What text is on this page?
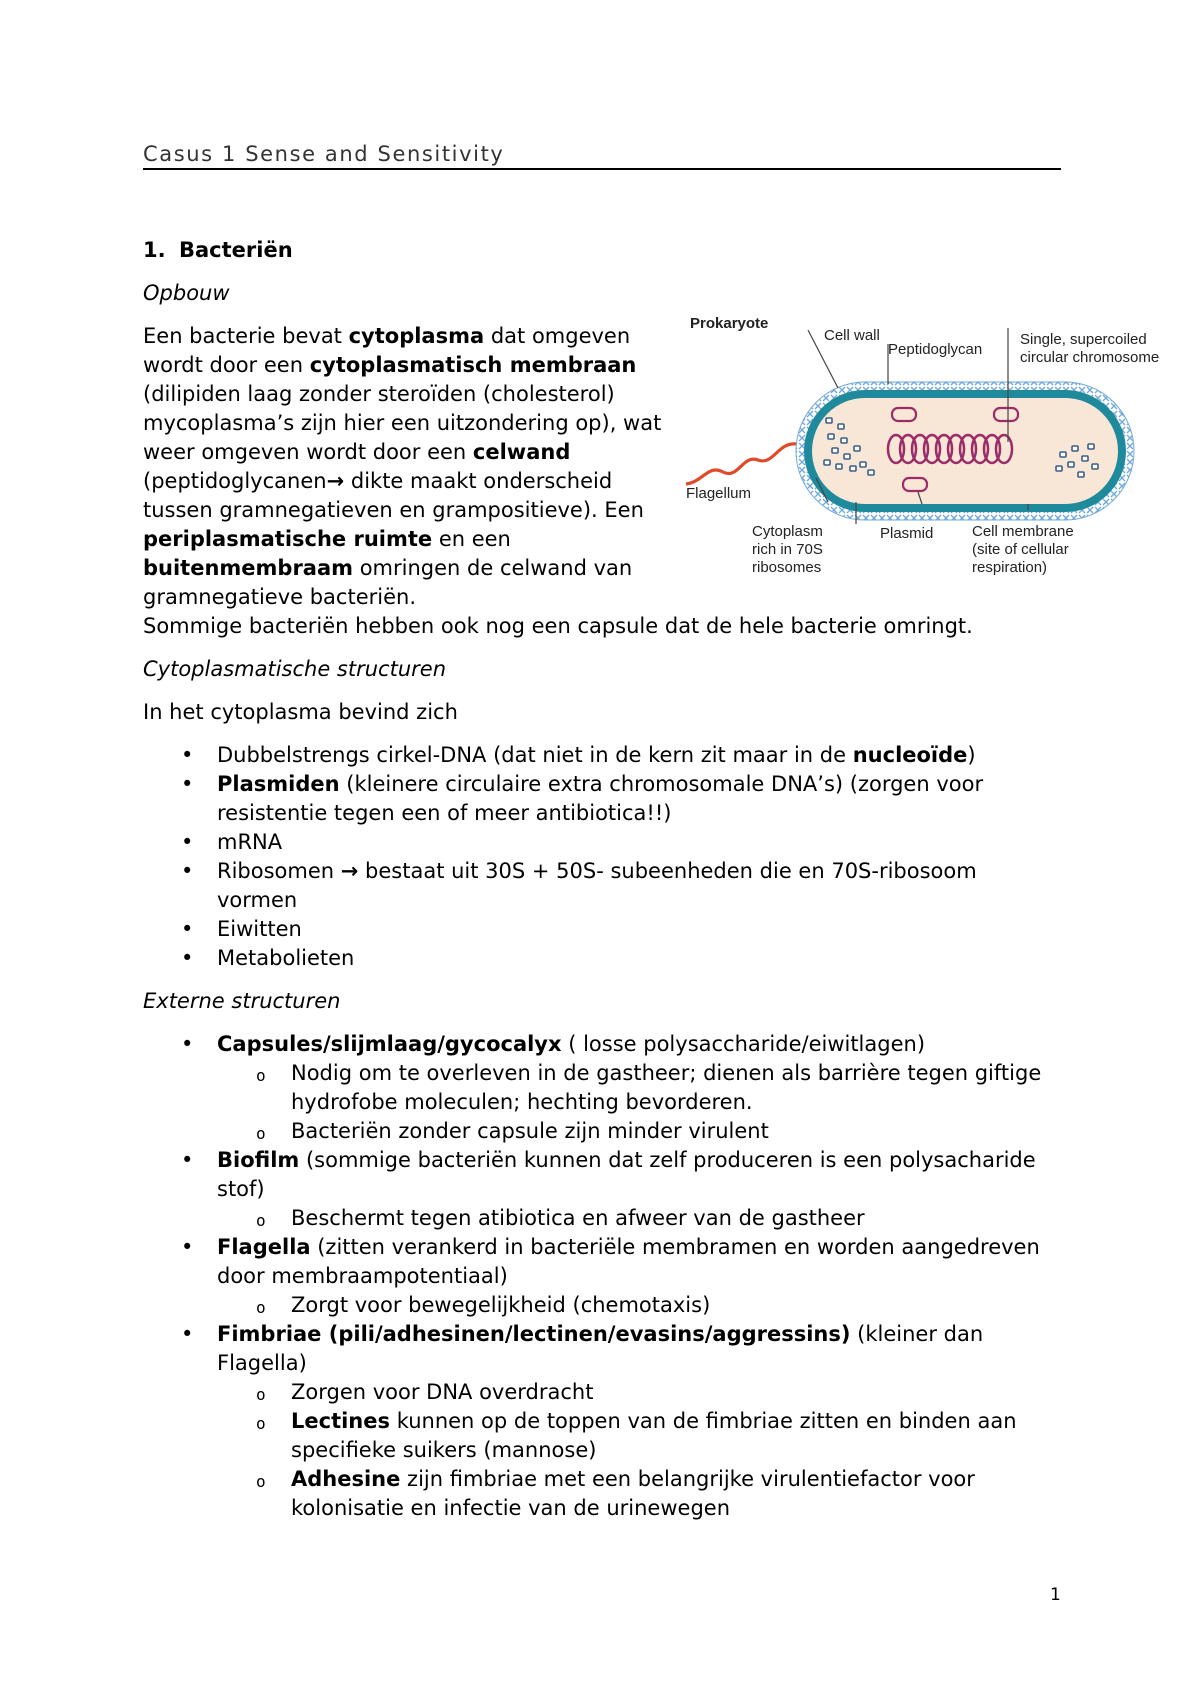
Casus 1 Sense and Sensitivity
1. Bacteriën
Opbouw

Een bacterie bevat cytoplasma dat omgeven wordt door een cytoplasmatisch membraan (dilipiden laag zonder steroïden (cholesterol) mycoplasma’s zijn hier een uitzondering op), wat weer omgeven wordt door een celwand (peptidoglycanen→ dikte maakt onderscheid tussen gramnegatieven en grampositieve). Een periplasmatische ruimte en een buitenmembraam omringen de celwand van gramnegatieve bacteriën.

Sommige bacteriën hebben ook nog een capsule dat de hele bacterie omringt.

Cytoplasmatische structuren

In het cytoplasma bevind zich

• Dubbelstrengs cirkel-DNA (dat niet in de kern zit maar in de nucleoïde)
• Plasmiden (kleinere circulaire extra chromosomale DNA’s) (zorgen voor resistentie tegen een of meer antibiotica!!)
• mRNA
• Ribosomen → bestaat uit 30S + 50S- subeenheden die en 70S-ribosoom vormen
• Eiwitten
• Metabolieten
Externe structuren
• Capsules/slijmlaag/gycocalyx ( losse polysaccharide/eiwitlagen)
o Nodig om te overleven in de gastheer; dienen als barrière tegen giftige hydrofobe moleculen; hechting bevorderen.
o Bacteriën zonder capsule zijn minder virulent
• Biofilm (sommige bacteriën kunnen dat zelf produceren is een polysacharide stof)
o Beschermt tegen atibiotica en afweer van de gastheer
• Flagella (zitten verankerd in bacteriële membramen en worden aangedreven door membraampotentiaal)
o Zorgt voor bewegelijkheid (chemotaxis)
• Fimbriae (pili/adhesinen/lectinen/evasins/aggressins) (kleiner dan Flagella)
o Zorgen voor DNA overdracht
o Lectines kunnen op de toppen van de fimbriae zitten en binden aan specifieke suikers (mannose)
o Adhesine zijn fimbriae met een belangrijke virulentiefactor voor kolonisatie en infectie van de urinewegen
Prokaryote
Cell wall
Peptidoglycan
Single, supercoiled
circular chromosome
Flagellum
Cytoplasm
rich in 70S
ribosomes
Plasmid	Cell membrane
(site of cellular
respiration)
1
